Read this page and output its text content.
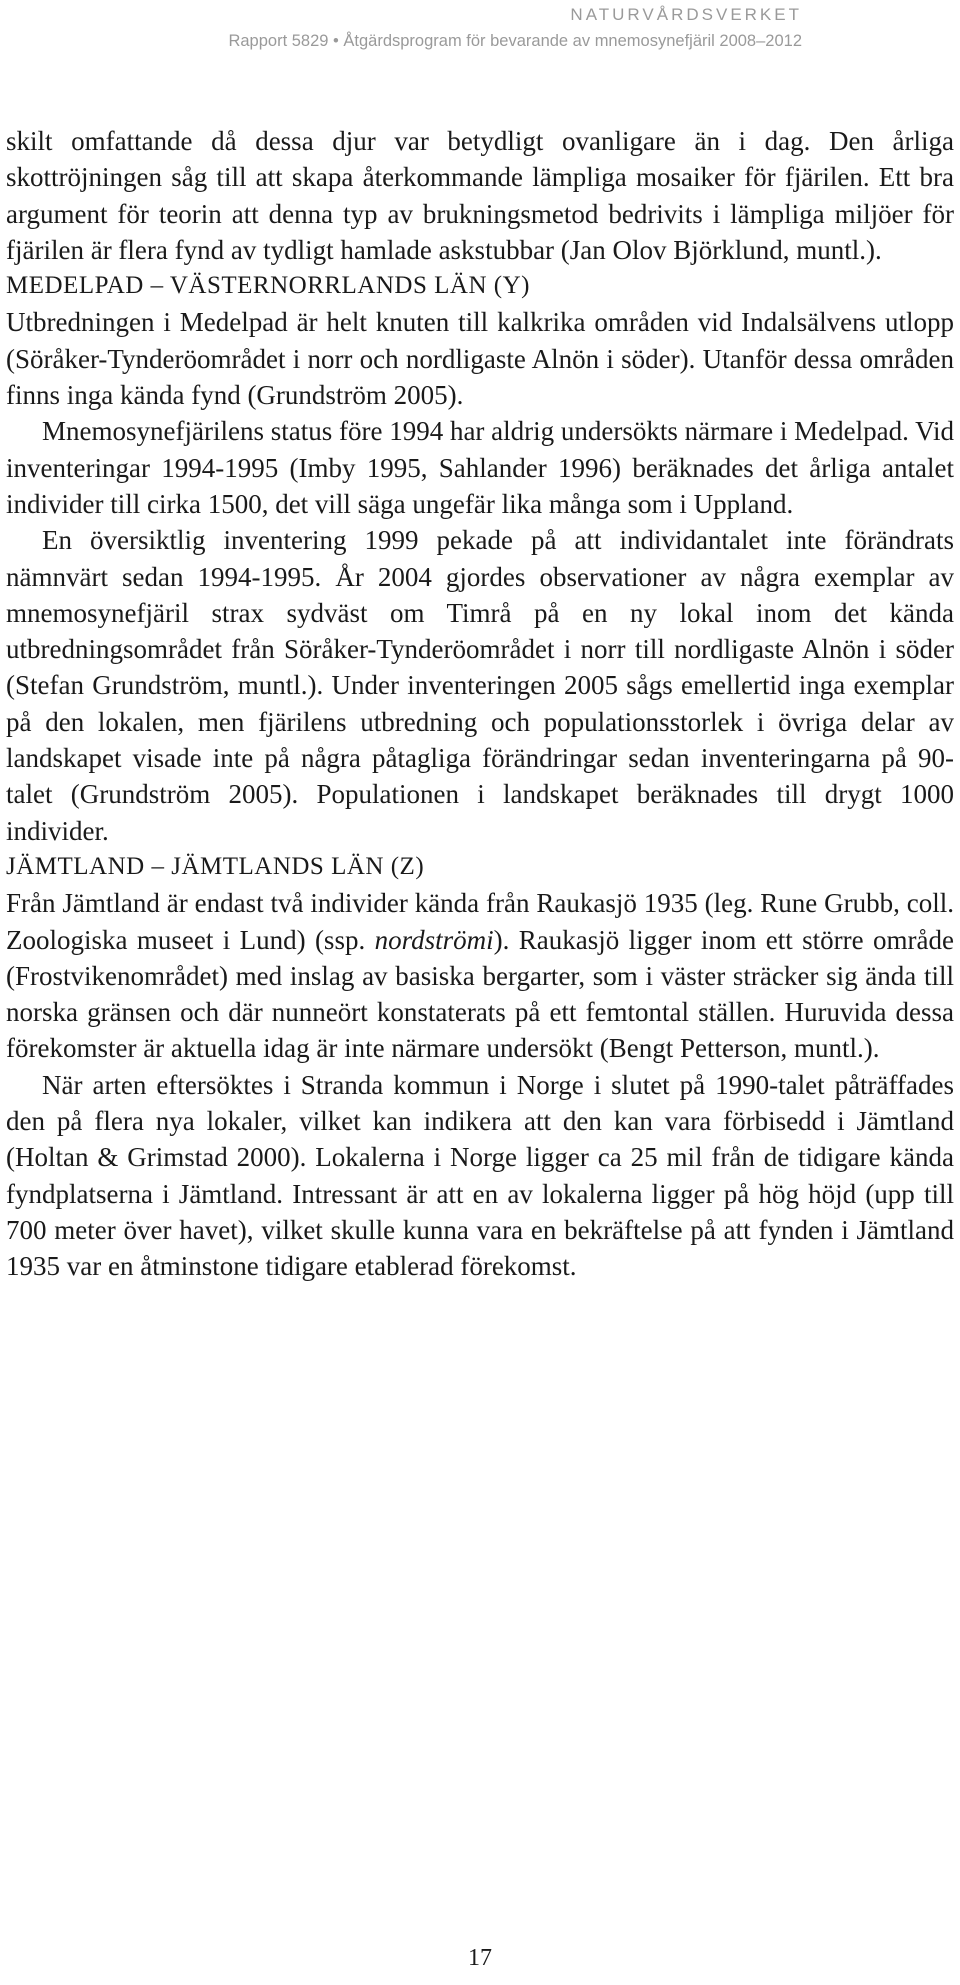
NATURVÅRDSVERKET
Rapport 5829 • Åtgärdsprogram för bevarande av mnemosynefjäril 2008–2012

skilt omfattande då dessa djur var betydligt ovanligare än i dag. Den årliga skottröjningen såg till att skapa återkommande lämpliga mosaiker för fjärilen. Ett bra argument för teorin att denna typ av brukningsmetod bedrivits i lämpliga miljöer för fjärilen är flera fynd av tydligt hamlade askstubbar (Jan Olov Björklund, muntl.).

MEDELPAD – VÄSTERNORRLANDS LÄN (Y)

Utbredningen i Medelpad är helt knuten till kalkrika områden vid Indalsälvens utlopp (Söråker-Tynderöområdet i norr och nordligaste Alnön i söder). Utanför dessa områden finns inga kända fynd (Grundström 2005).

Mnemosynefjärilens status före 1994 har aldrig undersökts närmare i Medelpad. Vid inventeringar 1994-1995 (Imby 1995, Sahlander 1996) beräknades det årliga antalet individer till cirka 1500, det vill säga ungefär lika många som i Uppland.

En översiktlig inventering 1999 pekade på att individantalet inte förändrats nämnvärt sedan 1994-1995. År 2004 gjordes observationer av några exemplar av mnemosynefjäril strax sydväst om Timrå på en ny lokal inom det kända utbredningsområdet från Söråker-Tynderöområdet i norr till nordligaste Alnön i söder (Stefan Grundström, muntl.). Under inventeringen 2005 sågs emellertid inga exemplar på den lokalen, men fjärilens utbredning och populationsstorlek i övriga delar av landskapet visade inte på några påtagliga förändringar sedan inventeringarna på 90-talet (Grundström 2005). Populationen i landskapet beräknades till drygt 1000 individer.

JÄMTLAND – JÄMTLANDS LÄN (Z)

Från Jämtland är endast två individer kända från Raukasjö 1935 (leg. Rune Grubb, coll. Zoologiska museet i Lund) (ssp. nordströmi). Raukasjö ligger inom ett större område (Frostvikenområdet) med inslag av basiska bergarter, som i väster sträcker sig ända till norska gränsen och där nunneört konstaterats på ett femtontal ställen. Huruvida dessa förekomster är aktuella idag är inte närmare undersökt (Bengt Petterson, muntl.).

När arten eftersöktes i Stranda kommun i Norge i slutet på 1990-talet påträffades den på flera nya lokaler, vilket kan indikera att den kan vara förbisedd i Jämtland (Holtan & Grimstad 2000). Lokalerna i Norge ligger ca 25 mil från de tidigare kända fyndplatserna i Jämtland. Intressant är att en av lokalerna ligger på hög höjd (upp till 700 meter över havet), vilket skulle kunna vara en bekräftelse på att fynden i Jämtland 1935 var en åtminstone tidigare etablerad förekomst.

17
